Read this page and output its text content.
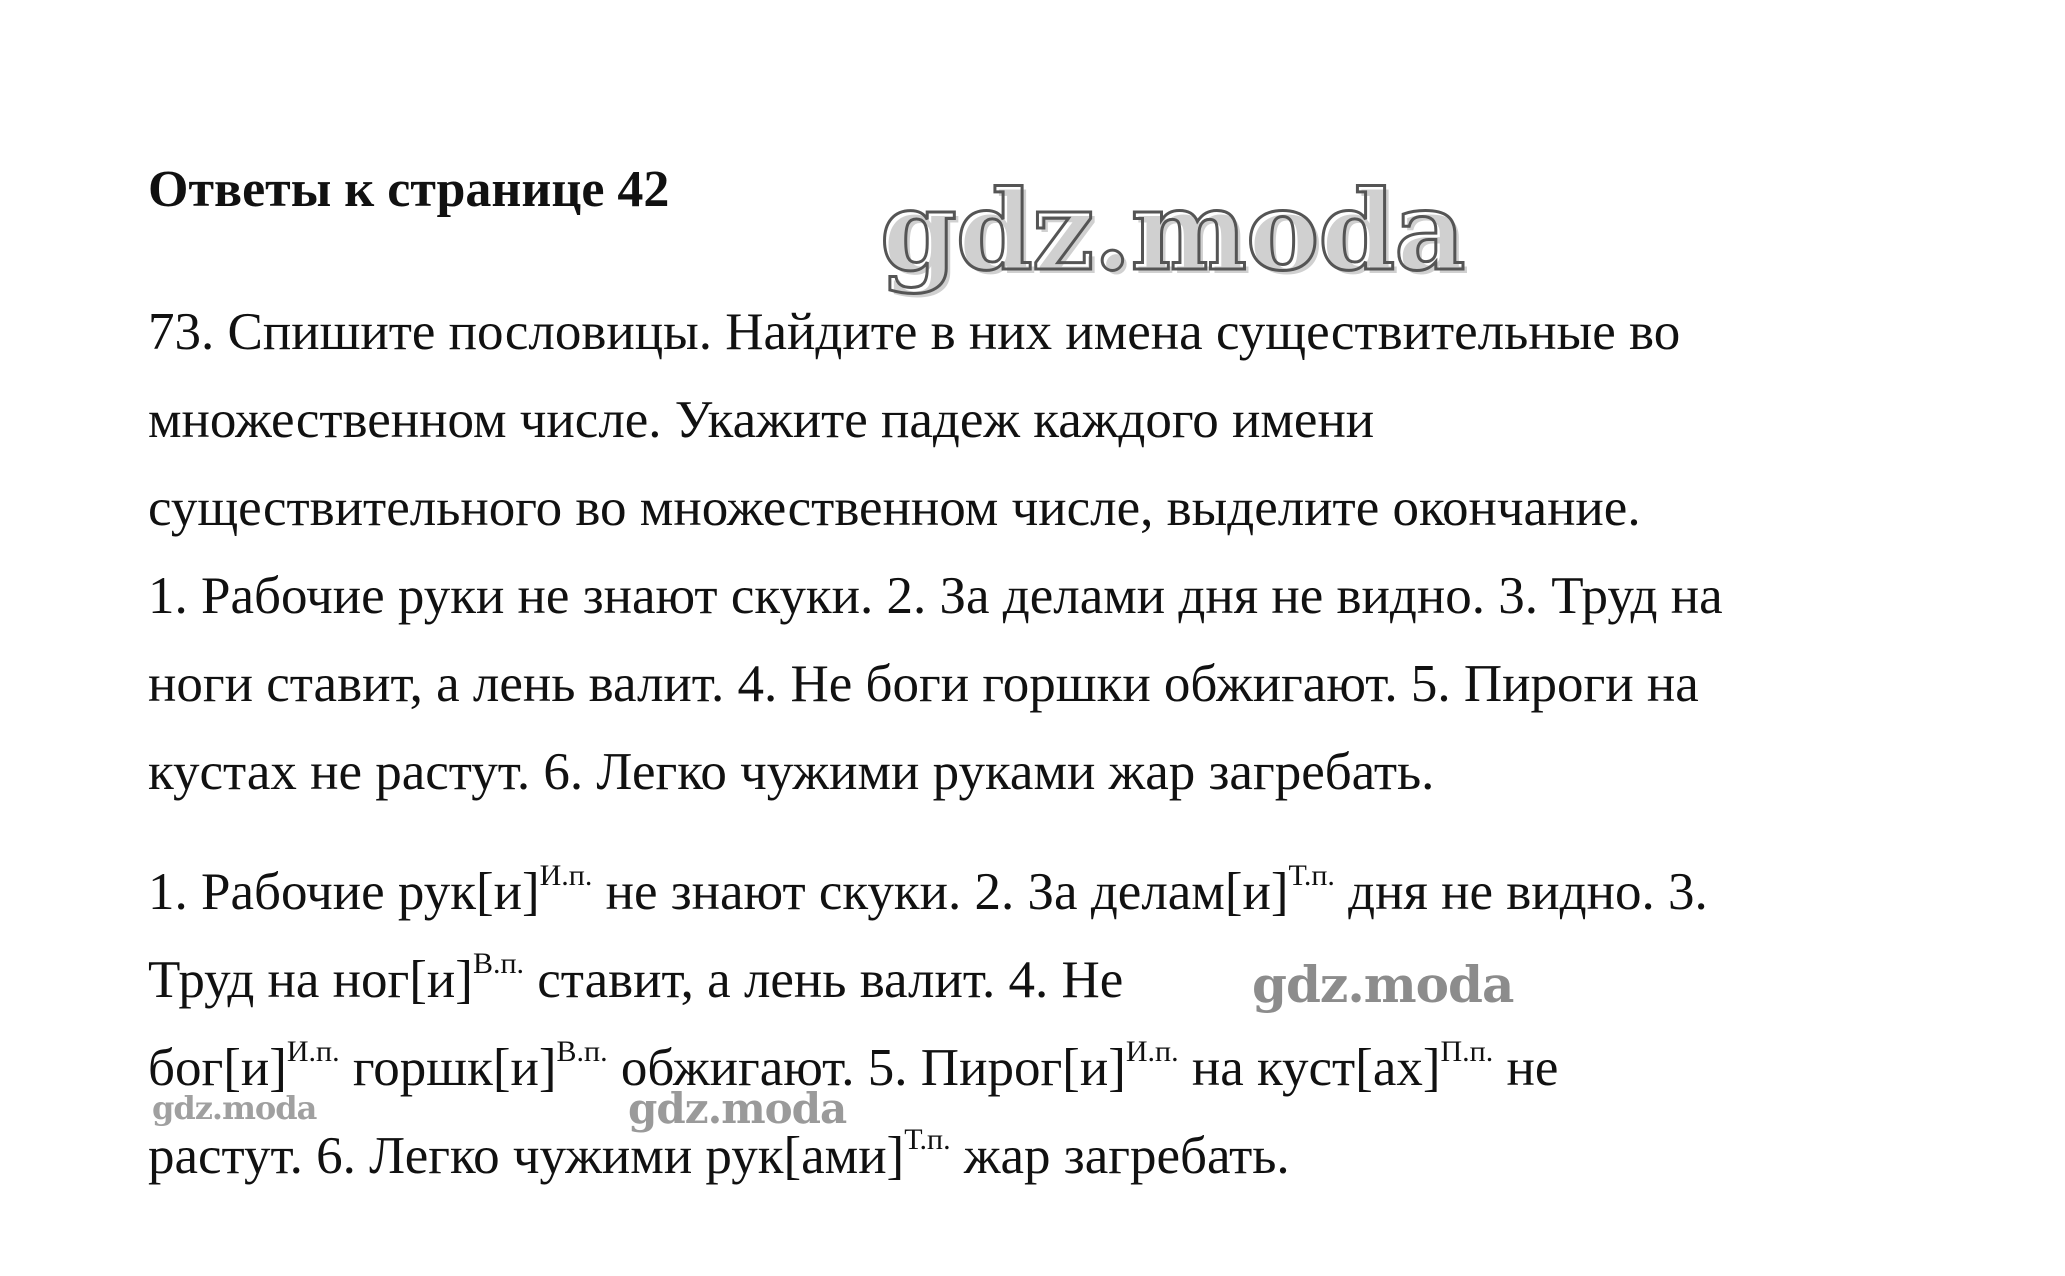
Ответы к странице 42

73. Спишите пословицы. Найдите в них имена существительные во

множественном числе. Укажите падеж каждого имени

существительного во множественном числе, выделите окончание.

1. Рабочие руки не знают скуки. 2. За делами дня не видно. 3. Труд на

ноги ставит, а лень валит. 4. Не боги горшки обжигают. 5. Пироги на

кустах не растут. 6. Легко чужими руками жар загребать.

1. Рабочие $рук[и]^{И.п.}$ не знают скуки. 2. За $делам[и]^{Т.п.}$ дня не видно. 3.

Труд на $ног[и]^{В.п.}$ ставит, а лень валит. 4. Не

$бог[и]^{И.п.}$ $горшк[и]^{В.п.}$ обжигают. 5. $Пирог[и]^{И.п.}$ на куст[ах]$^{П.п.}$ не

растут. 6. Легко чужими рук[ами]$^{Т.п.}$ жар загребать.

gdz.moda
gdz.moda
gdz.moda	gdz.moda
